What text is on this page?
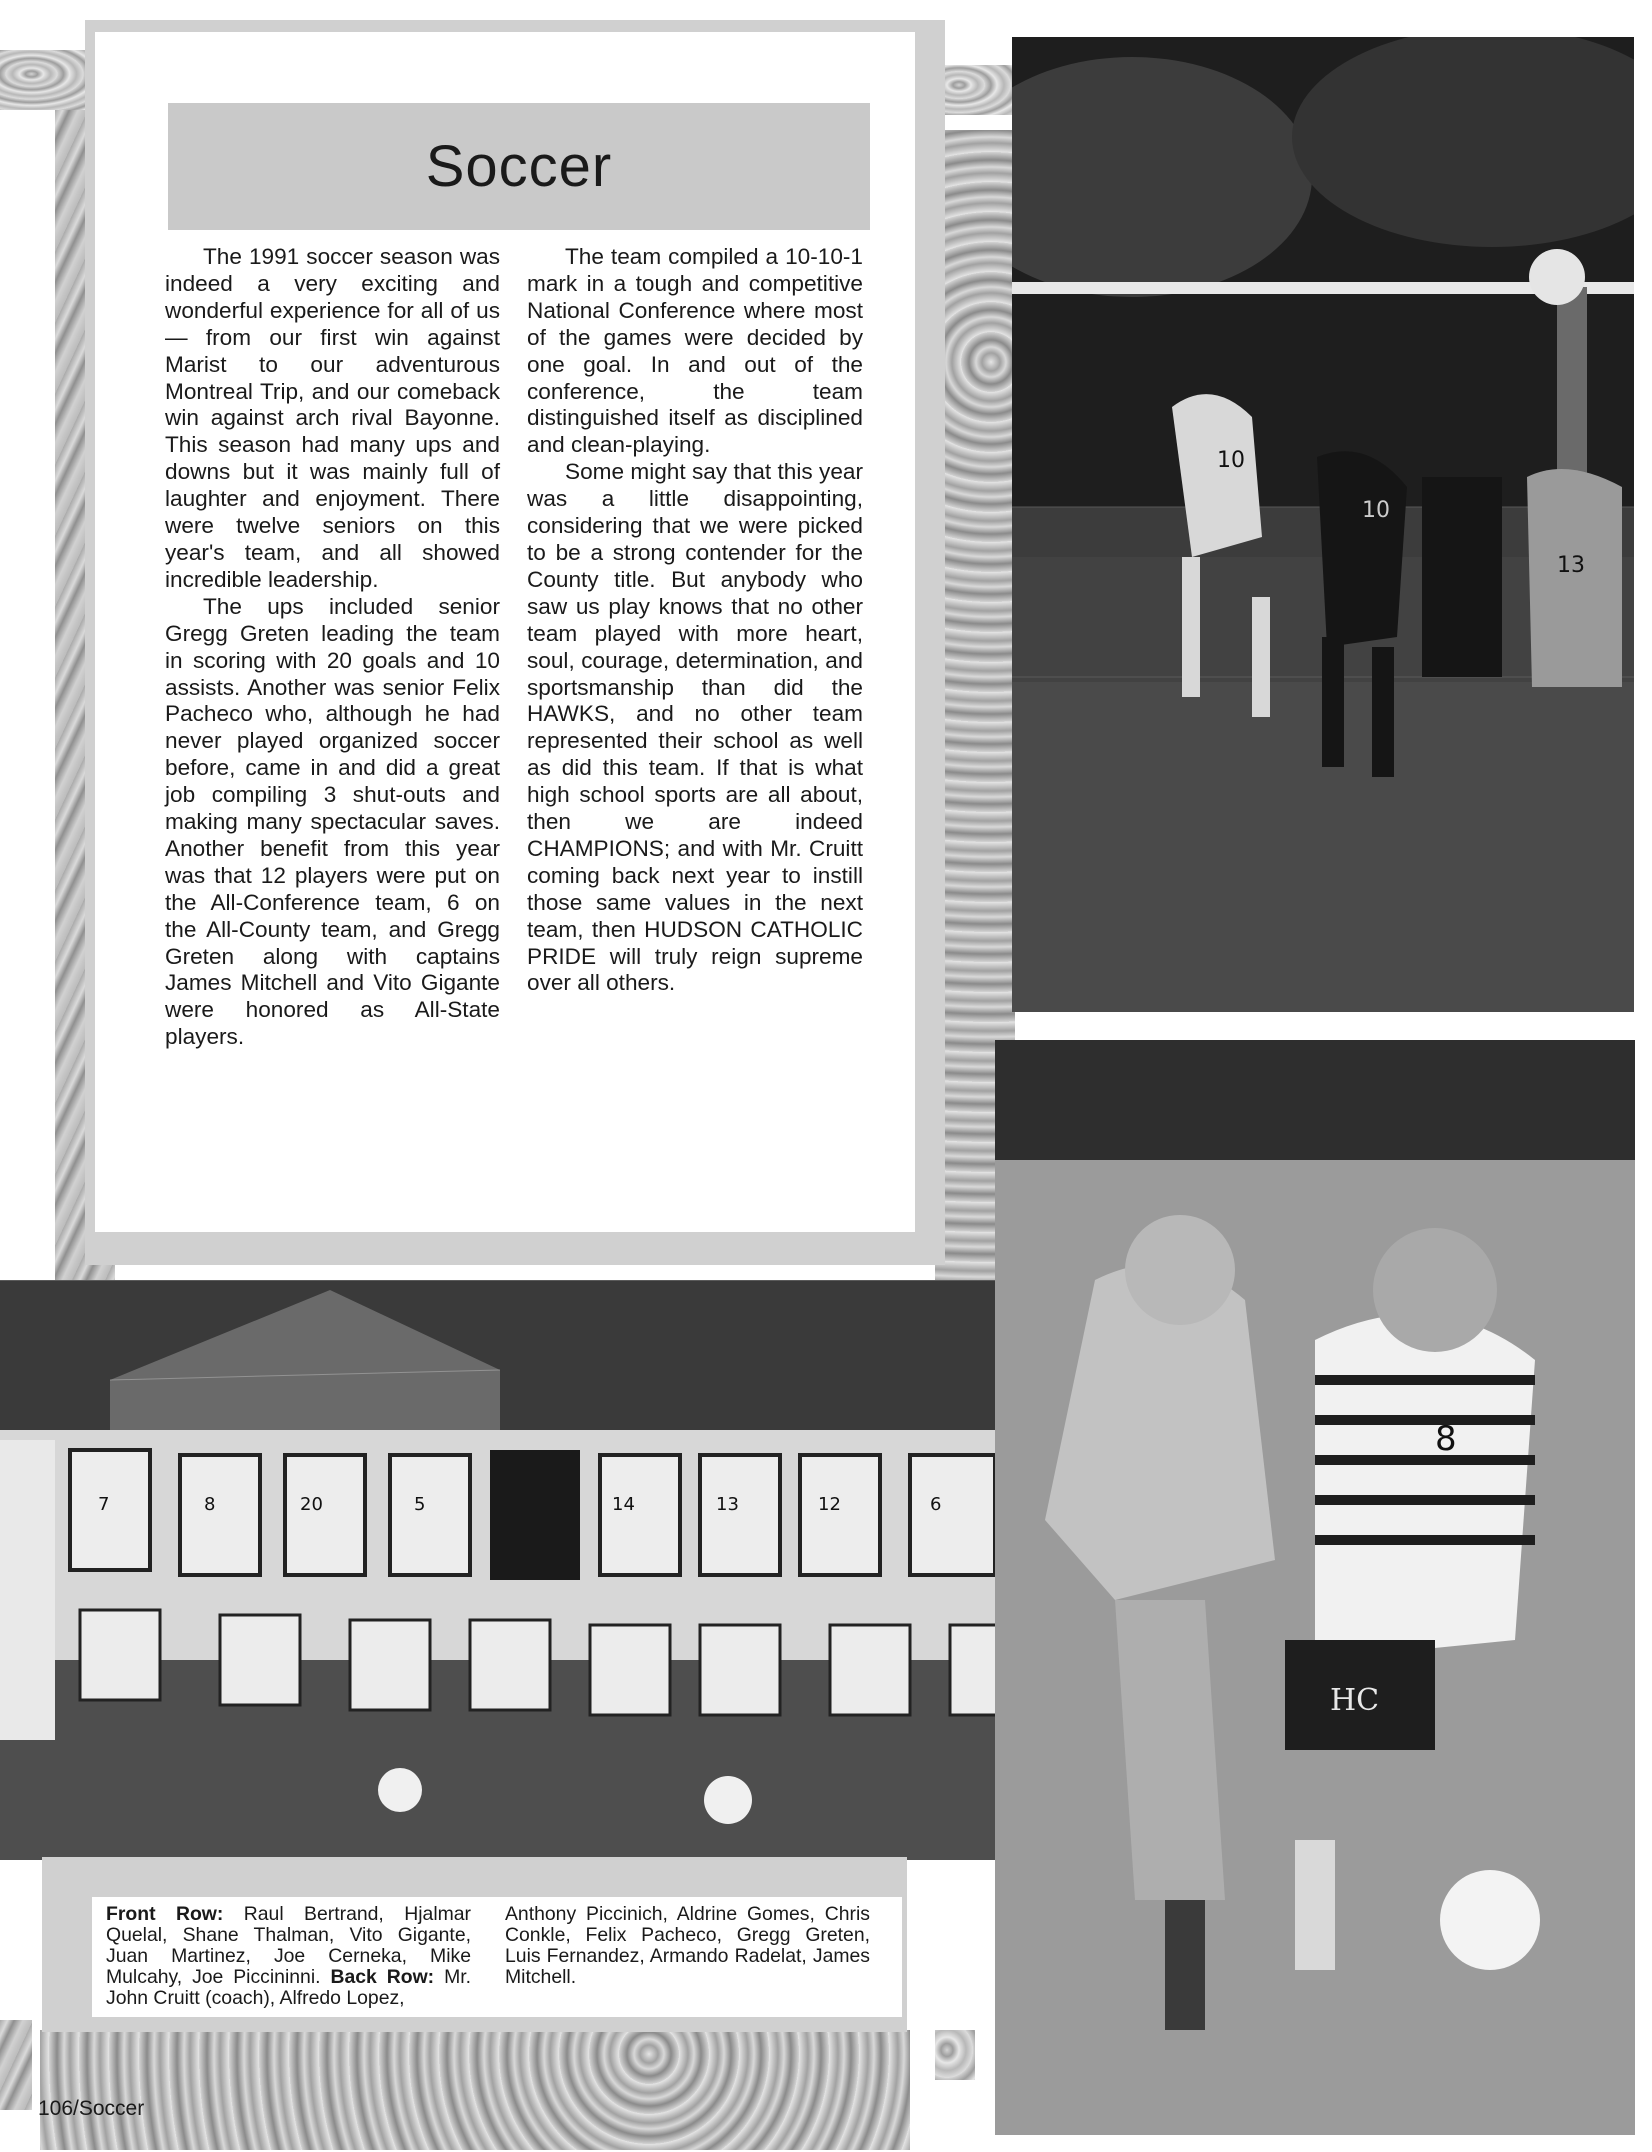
Soccer

The 1991 soccer season was indeed a very exciting and wonderful experience for all of us — from our first win against Marist to our adventurous Montreal Trip, and our comeback win against arch rival Bayonne. This season had many ups and downs but it was mainly full of laughter and enjoyment. There were twelve seniors on this year's team, and all showed incredible leadership.

The ups included senior Gregg Greten leading the team in scoring with 20 goals and 10 assists. Another was senior Felix Pacheco who, although he had never played organized soccer before, came in and did a great job compiling 3 shut-outs and making many spectacular saves. Another benefit from this year was that 12 players were put on the All-Conference team, 6 on the All-County team, and Gregg Greten along with captains James Mitchell and Vito Gigante were honored as All-State players.

The team compiled a 10-10-1 mark in a tough and competitive National Conference where most of the games were decided by one goal. In and out of the conference, the team distinguished itself as disciplined and clean-playing.

Some might say that this year was a little disappointing, considering that we were picked to be a strong contender for the County title. But anybody who saw us play knows that no other team played with more heart, soul, courage, determination, and sportsmanship than did the HAWKS, and no other team represented their school as well as did this team. If that is what high school sports are all about, then we are indeed CHAMPIONS; and with Mr. Cruitt coming back next year to instill those same values in the next team, then HUDSON CATHOLIC PRIDE will truly reign supreme over all others.

10
10
13
7	8	20	5	14	13	12	6
HC
8
Front Row: Raul Bertrand, Hjalmar Quelal, Shane Thalman, Vito Gigante, Juan Martinez, Joe Cerneka, Mike Mulcahy, Joe Piccininni. Back Row: Mr. John Cruitt (coach), Alfredo Lopez,
Anthony Piccinich, Aldrine Gomes, Chris Conkle, Felix Pacheco, Gregg Greten, Luis Fernandez, Armando Radelat, James Mitchell.
106/Soccer
